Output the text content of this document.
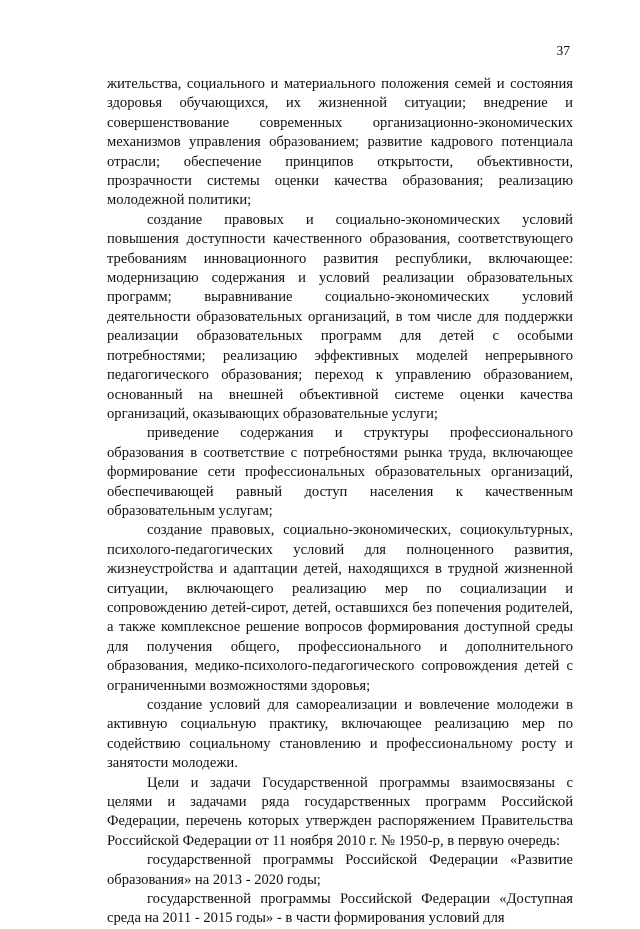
37

жительства, социального и материального положения семей и состояния здоровья обучающихся, их жизненной ситуации; внедрение и совершенствование современных организационно-экономических механизмов управления образованием; развитие кадрового потенциала отрасли; обеспечение принципов открытости, объективности, прозрачности системы оценки качества образования; реализацию молодежной политики;

создание правовых и социально-экономических условий повышения доступности качественного образования, соответствующего требованиям инновационного развития республики, включающее: модернизацию содержания и условий реализации образовательных программ; выравнивание социально-экономических условий деятельности образовательных организаций, в том числе для поддержки реализации образовательных программ для детей с особыми потребностями; реализацию эффективных моделей непрерывного педагогического образования; переход к управлению образованием, основанный на внешней объективной системе оценки качества организаций, оказывающих образовательные услуги;

приведение содержания и структуры профессионального образования в соответствие с потребностями рынка труда, включающее формирование сети профессиональных образовательных организаций, обеспечивающей равный доступ населения к качественным образовательным услугам;

создание правовых, социально-экономических, социокультурных, психолого-педагогических условий для полноценного развития, жизнеустройства и адаптации детей, находящихся в трудной жизненной ситуации, включающего реализацию мер по социализации и сопровождению детей-сирот, детей, оставшихся без попечения родителей, а также комплексное решение вопросов формирования доступной среды для получения общего, профессионального и дополнительного образования, медико-психолого-педагогического сопровождения детей с ограниченными возможностями здоровья;

создание условий для самореализации и вовлечение молодежи в активную социальную практику, включающее реализацию мер по содействию социальному становлению и профессиональному росту и занятости молодежи.

Цели и задачи Государственной программы взаимосвязаны с целями и задачами ряда государственных программ Российской Федерации, перечень которых утвержден распоряжением Правительства Российской Федерации от 11 ноября 2010 г. № 1950-р, в первую очередь:

государственной программы Российской Федерации «Развитие образования» на 2013 - 2020 годы;

государственной программы Российской Федерации «Доступная среда на 2011 - 2015 годы» - в части формирования условий для
